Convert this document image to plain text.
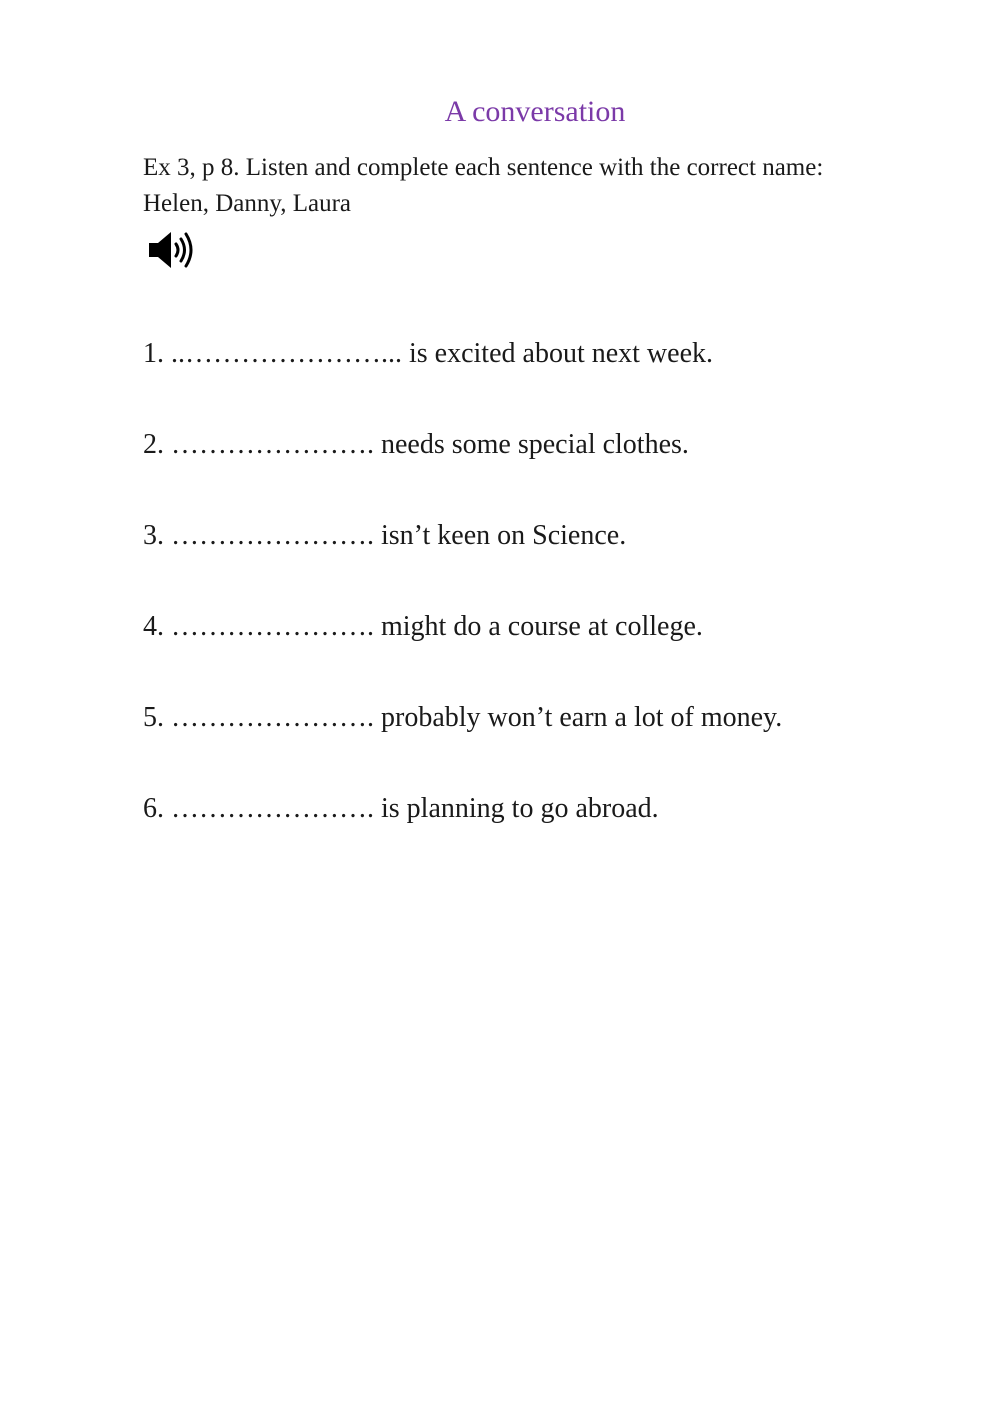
A conversation
Ex 3, p 8. Listen and complete each sentence with the correct name:
Helen, Danny, Laura
1. ..…………………... is excited about next week.
2. …………………. needs some special clothes.
3. …………………. isn’t keen on Science.
4. …………………. might do a course at college.
5. …………………. probably won’t earn a lot of money.
6. …………………. is planning to go abroad.
